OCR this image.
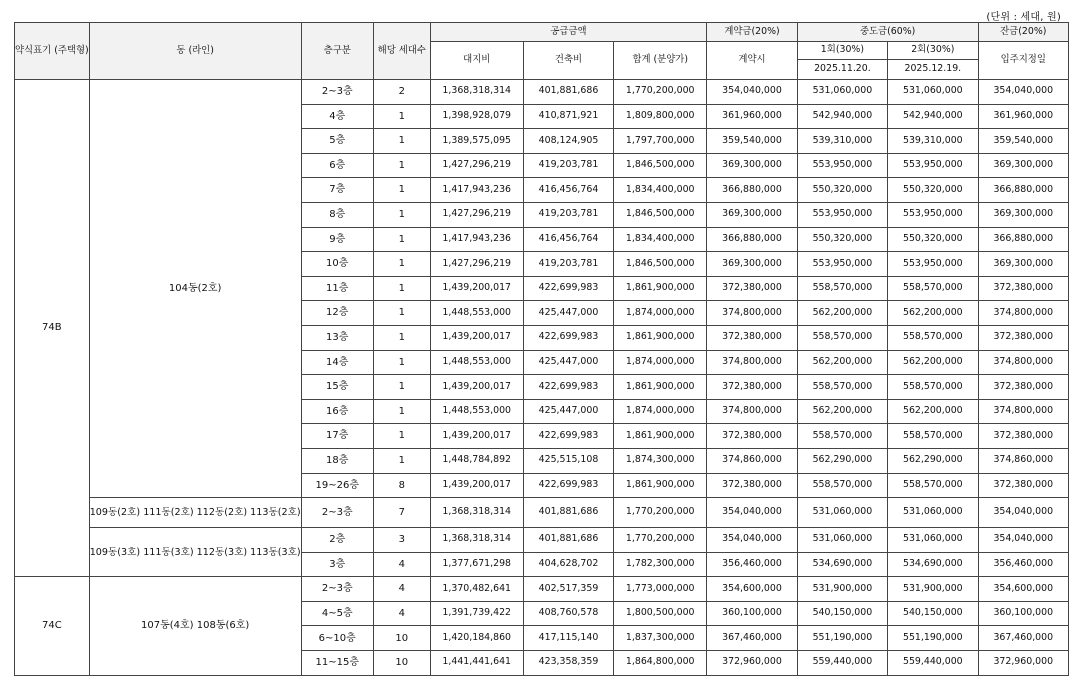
(단위 : 세대, 원)
약식표기 (주택형)	동 (라인)	층구분	해당 세대수	공급금액			계약금(20%)	중도금(60%)		잔금(20%)
				대지비	건축비	합계 (분양가)	계약시	1회(30%)	2회(30%)	입주지정일
								2025.11.20.	2025.12.19.	
74B	104동(2호)	2~3층	2	1,368,318,314	401,881,686	1,770,200,000	354,040,000	531,060,000	531,060,000	354,040,000
		4층	1	1,398,928,079	410,871,921	1,809,800,000	361,960,000	542,940,000	542,940,000	361,960,000
		5층	1	1,389,575,095	408,124,905	1,797,700,000	359,540,000	539,310,000	539,310,000	359,540,000
		6층	1	1,427,296,219	419,203,781	1,846,500,000	369,300,000	553,950,000	553,950,000	369,300,000
		7층	1	1,417,943,236	416,456,764	1,834,400,000	366,880,000	550,320,000	550,320,000	366,880,000
		8층	1	1,427,296,219	419,203,781	1,846,500,000	369,300,000	553,950,000	553,950,000	369,300,000
		9층	1	1,417,943,236	416,456,764	1,834,400,000	366,880,000	550,320,000	550,320,000	366,880,000
		10층	1	1,427,296,219	419,203,781	1,846,500,000	369,300,000	553,950,000	553,950,000	369,300,000
		11층	1	1,439,200,017	422,699,983	1,861,900,000	372,380,000	558,570,000	558,570,000	372,380,000
		12층	1	1,448,553,000	425,447,000	1,874,000,000	374,800,000	562,200,000	562,200,000	374,800,000
		13층	1	1,439,200,017	422,699,983	1,861,900,000	372,380,000	558,570,000	558,570,000	372,380,000
		14층	1	1,448,553,000	425,447,000	1,874,000,000	374,800,000	562,200,000	562,200,000	374,800,000
		15층	1	1,439,200,017	422,699,983	1,861,900,000	372,380,000	558,570,000	558,570,000	372,380,000
		16층	1	1,448,553,000	425,447,000	1,874,000,000	374,800,000	562,200,000	562,200,000	374,800,000
		17층	1	1,439,200,017	422,699,983	1,861,900,000	372,380,000	558,570,000	558,570,000	372,380,000
		18층	1	1,448,784,892	425,515,108	1,874,300,000	374,860,000	562,290,000	562,290,000	374,860,000
		19~26층	8	1,439,200,017	422,699,983	1,861,900,000	372,380,000	558,570,000	558,570,000	372,380,000
	109동(2호) 111동(2호) 112동(2호) 113동(2호)	2~3층	7	1,368,318,314	401,881,686	1,770,200,000	354,040,000	531,060,000	531,060,000	354,040,000
	109동(3호) 111동(3호) 112동(3호) 113동(3호)	2층	3	1,368,318,314	401,881,686	1,770,200,000	354,040,000	531,060,000	531,060,000	354,040,000
		3층	4	1,377,671,298	404,628,702	1,782,300,000	356,460,000	534,690,000	534,690,000	356,460,000
74C	107동(4호) 108동(6호)	2~3층	4	1,370,482,641	402,517,359	1,773,000,000	354,600,000	531,900,000	531,900,000	354,600,000
		4~5층	4	1,391,739,422	408,760,578	1,800,500,000	360,100,000	540,150,000	540,150,000	360,100,000
		6~10층	10	1,420,184,860	417,115,140	1,837,300,000	367,460,000	551,190,000	551,190,000	367,460,000
		11~15층	10	1,441,441,641	423,358,359	1,864,800,000	372,960,000	559,440,000	559,440,000	372,960,000
